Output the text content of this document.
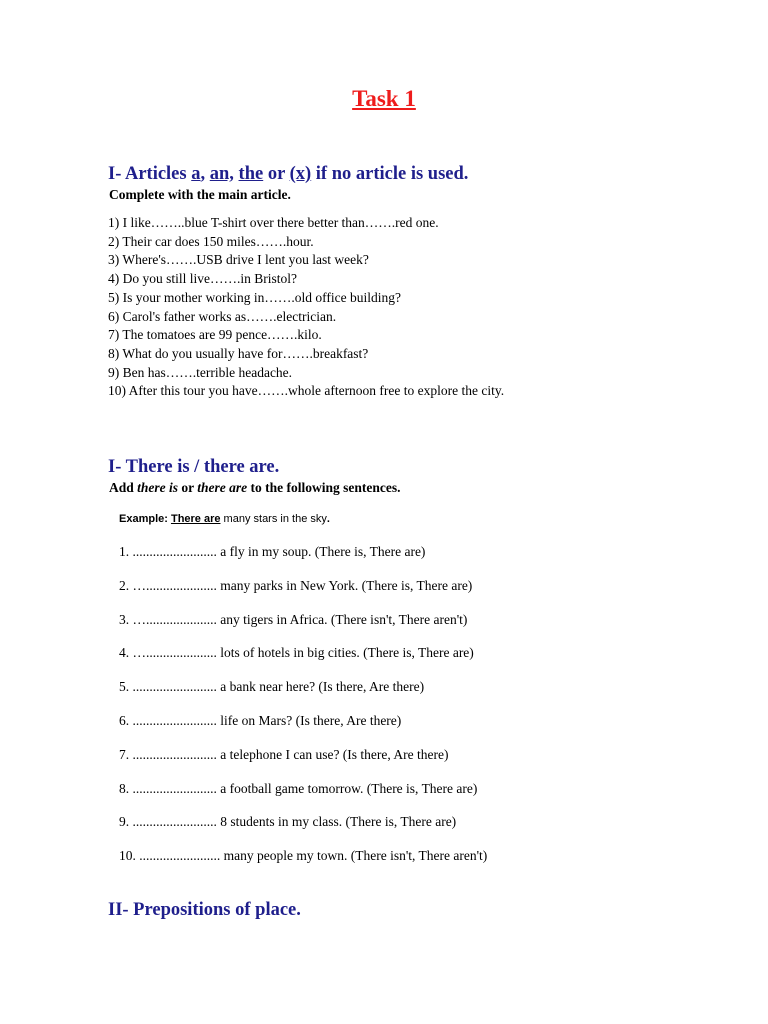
Task 1
I- Articles a, an, the or (x) if no article is used.
Complete with the main article.
1) I like……..blue T-shirt over there better than…….red one.
2) Their car does 150 miles…….hour.
3) Where's…….USB drive I lent you last week?
4) Do you still live…….in Bristol?
5) Is your mother working in…….old office building?
6) Carol's father works as…….electrician.
7) The tomatoes are 99 pence…….kilo.
8) What do you usually have for…….breakfast?
9) Ben has…….terrible headache.
10) After this tour you have…….whole afternoon free to explore the city.
I- There is / there are.
Add there is or there are to the following sentences.
Example: There are many stars in the sky.
1. ......................... a fly in my soup. (There is, There are)
2. …..................... many parks in New York. (There is, There are)
3. …..................... any tigers in Africa. (There isn't, There aren't)
4. …..................... lots of hotels in big cities. (There is, There are)
5. ......................... a bank near here? (Is there, Are there)
6. ......................... life on Mars? (Is there, Are there)
7. ......................... a telephone I can use? (Is there, Are there)
8. ......................... a football game tomorrow. (There is, There are)
9. ......................... 8 students in my class. (There is, There are)
10. ........................ many people my town. (There isn't, There aren't)
II- Prepositions of place.
